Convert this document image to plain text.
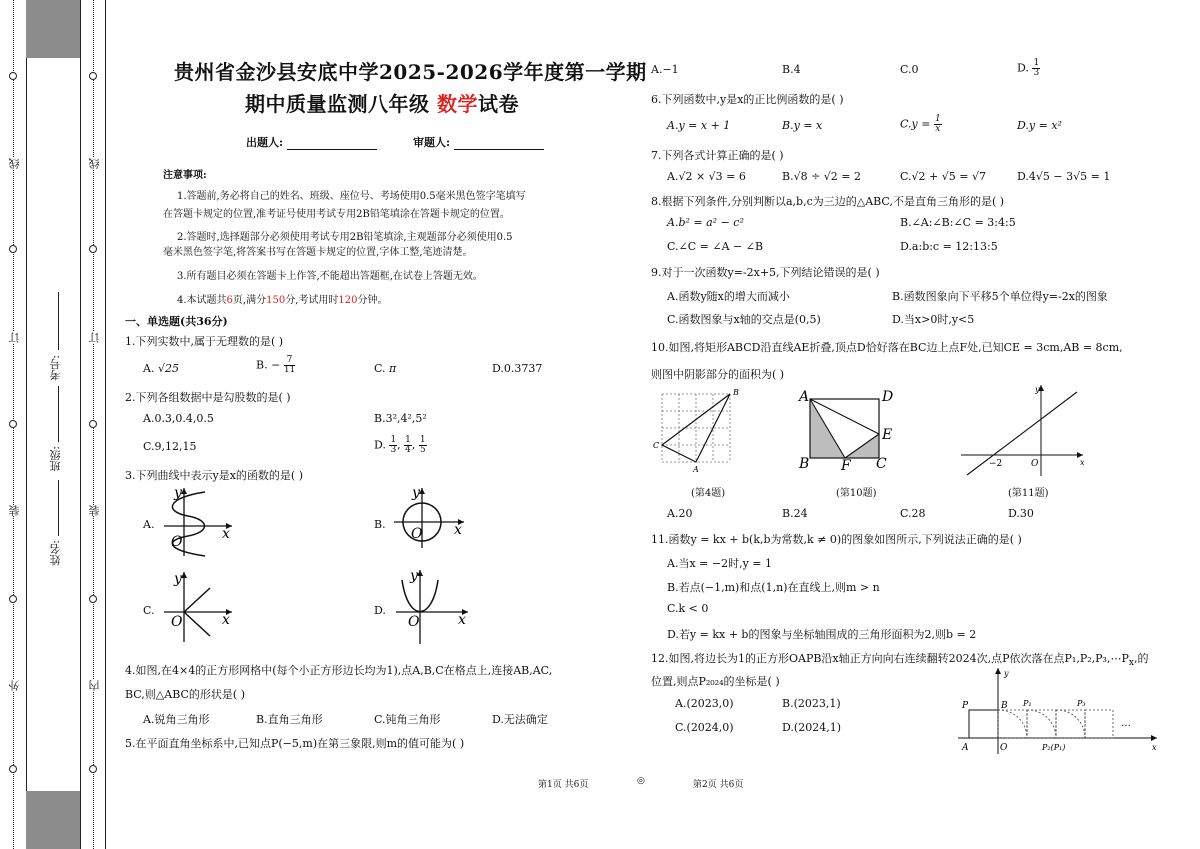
线
订
装
外
线
订
装
内
考号:
班级:
姓名:
贵州省金沙县安底中学2025-2026学年度第一学期
期中质量监测八年级 数学试卷
出题人:	审题人:
注意事项:
1.答题前,务必将自己的姓名、班级、座位号、考场使用0.5毫米黑色签字笔填写
在答题卡规定的位置,准考证号使用考试专用2B铅笔填涂在答题卡规定的位置。
2.答题时,选择题部分必须使用考试专用2B铅笔填涂,主观题部分必须使用0.5
毫米黑色签字笔,将答案书写在答题卡规定的位置,字体工整,笔迹清楚。
3.所有题目必须在答题卡上作答,不能超出答题框,在试卷上答题无效。
4.本试题共6页,满分150分,考试用时120分钟。
一、单选题(共36分)
1.下列实数中,属于无理数的是( )
A. √25	B. − $\frac{7}{11}$	C. π	D.0.3737
2.下列各组数据中是勾股数的是( )
A.0.3,0.4,0.5	B.3²,4²,5²
C.9,12,15	D. $\frac{1}{3}$ , $\frac{1}{4}$ , $\frac{1}{5}$
3.下列曲线中表示y是x的函数的是( )
A.
y
x
O
B.
y
x
O
C.
y
x
O
D.
y
x
O
4.如图,在4×4的正方形网格中(每个小正方形边长均为1),点A,B,C在格点上,连接AB,AC,
BC,则△ABC的形状是( )
A.锐角三角形	B.直角三角形	C.钝角三角形	D.无法确定
5.在平面直角坐标系中,已知点P(−5,m)在第三象限,则m的值可能为( )
A.−1	B.4	C.0	D. $\frac{1}{3}$
6.下列函数中,y是x的正比例函数的是( )
A.y = x + 1	B.y = x	$C.y = \frac{1}{x}$	D.y = x²
7.下列各式计算正确的是( )
A.√2 × √3 = 6	B.√8 ÷ √2 = 2	C.√2 + √5 = √7	D.4√5 − 3√5 = 1
8.根据下列条件,分别判断以a,b,c为三边的△ABC,不是直角三角形的是( )
A.b² = a² − c²	B.∠A:∠B:∠C = 3:4:5
C.∠C = ∠A − ∠B	D.a:b:c = 12:13:5
9.对于一次函数y=-2x+5,下列结论错误的是( )
A.函数y随x的增大而减小	B.函数图象向下平移5个单位得y=-2x的图象
C.函数图象与x轴的交点是(0,5)	D.当x>0时,y<5
10.如图,将矩形ABCD沿直线AE折叠,顶点D恰好落在BC边上点F处,已知CE = 3cm,AB = 8cm,
则图中阴影部分的面积为( )
B
C
A
A	D
E
B F C
y
x
O
−2
(第4题)	(第10题)	(第11题)
A.20	B.24	C.28	D.30
11.函数y = kx + b(k,b为常数,k ≠ 0)的图象如图所示,下列说法正确的是( )
A.当x = −2时,y = 1
B.若点(−1,m)和点(1,n)在直线上,则m > n
C.k < 0
D.若y = kx + b的图象与坐标轴围成的三角形面积为2,则b = 2
12.如图,将边长为1的正方形OAPB沿x轴正方向向右连续翻转2024次,点P依次落在点$P_1,P_2,P_3,\cdots P_x$,的
位置,则点P₂₀₂₄的坐标是( )
A.(2023,0)	B.(2023,1)
C.(2024,0)	D.(2024,1)
P	B P₁	P₃
…
A	O	P₂(P₁)	x
y
第1页 共6页	◎	第2页 共6页
